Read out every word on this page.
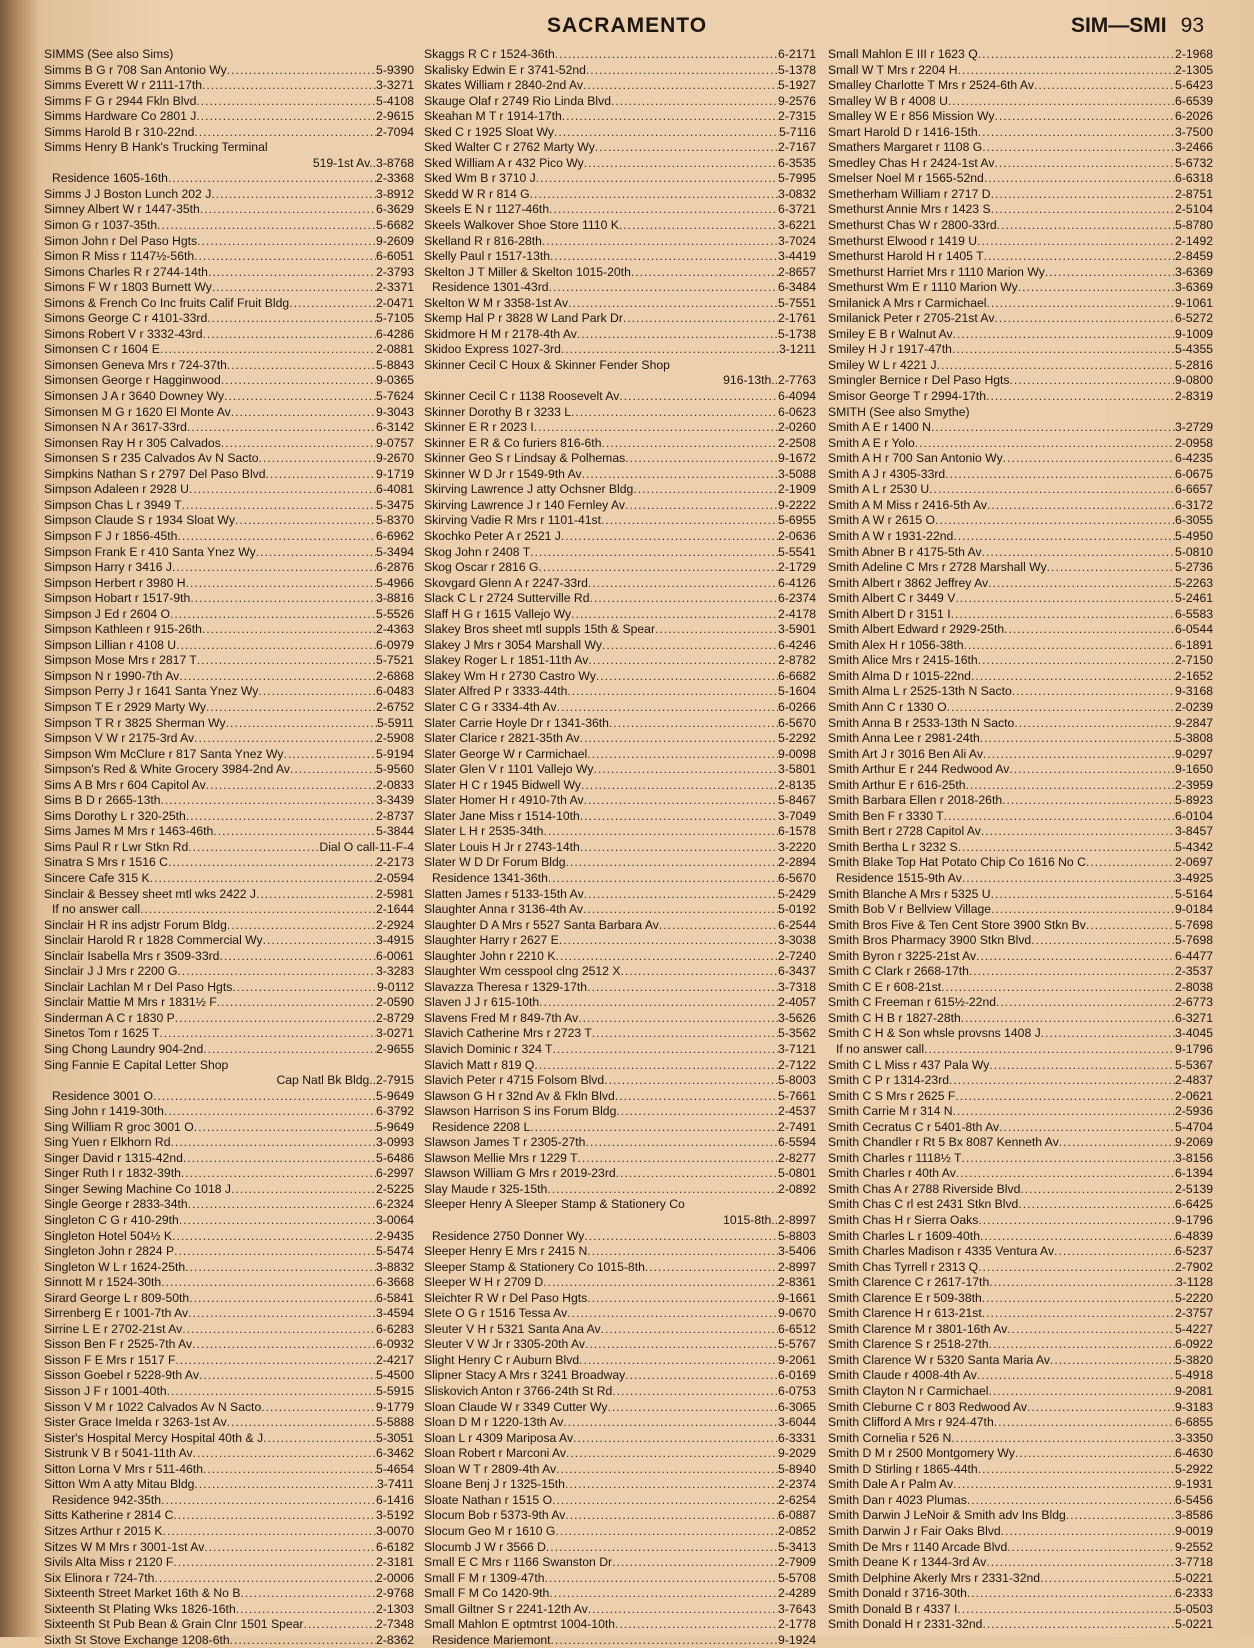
SACRAMENTO	SIM—SMI 93
SIMMS (See also Sims)
Simms B G r 708 San Antonio Wy .....	5-9390
Simms Everett W r 2111-17th .....	3-3271
Simms F G r 2944 Fkln Blvd .....	5-4108
Simms Hardware Co 2801 J .....	2-9615
Simms Harold B r 310-22nd .....	2-7094
Simms Henry B Hank's Trucking Terminal
519-1st Av..3-8768
Residence 1605-16th .....	2-3368
Simms J J Boston Lunch 202 J .....	3-8912
Simney Albert W r 1447-35th .....	6-3629
Simon G r 1037-35th .....	5-6682
Simon John r Del Paso Hgts .....	9-2609
Simon R Miss r 1147½-56th .....	6-6051
Simons Charles R r 2744-14th .....	2-3793
Simons F W r 1803 Burnett Wy .....	2-3371
Simons & French Co Inc fruits Calif Fruit Bldg .....	2-0471
Simons George C r 4101-33rd .....	5-7105
Simons Robert V r 3332-43rd .....	6-4286
Simonsen C r 1604 E .....	2-0881
Simonsen Geneva Mrs r 724-37th .....	5-8843
Simonsen George r Hagginwood .....	9-0365
Simonsen J A r 3640 Downey Wy .....	5-7624
Simonsen M G r 1620 El Monte Av .....	9-3043
Simonsen N A r 3617-33rd .....	6-3142
Simonsen Ray H r 305 Calvados .....	9-0757
Simonsen S r 235 Calvados Av N Sacto .....	9-2670
Simpkins Nathan S r 2797 Del Paso Blvd .....	9-1719
Simpson Adaleen r 2928 U .....	6-4081
Simpson Chas L r 3949 T .....	5-3475
Simpson Claude S r 1934 Sloat Wy .....	5-8370
Simpson F J r 1856-45th .....	6-6962
Simpson Frank E r 410 Santa Ynez Wy .....	5-3494
Simpson Harry r 3416 J .....	6-2876
Simpson Herbert r 3980 H .....	5-4966
Simpson Hobart r 1517-9th .....	3-8816
Simpson J Ed r 2604 O .....	5-5526
Simpson Kathleen r 915-26th .....	2-4363
Simpson Lillian r 4108 U .....	6-0979
Simpson Mose Mrs r 2817 T .....	5-7521
Simpson N r 1990-7th Av .....	2-6868
Simpson Perry J r 1641 Santa Ynez Wy .....	6-0483
Simpson T E r 2929 Marty Wy .....	2-6752
Simpson T R r 3825 Sherman Wy .....	5-5911
Simpson V W r 2175-3rd Av .....	2-5908
Simpson Wm McClure r 817 Santa Ynez Wy .....	5-9194
Simpson's Red & White Grocery 3984-2nd Av .....	5-9560
Sims A B Mrs r 604 Capitol Av .....	2-0833
Sims B D r 2665-13th .....	3-3439
Sims Dorothy L r 320-25th .....	2-8737
Sims James M Mrs r 1463-46th .....	5-3844
Sims Paul R r Lwr Stkn Rd .....	Dial O call-11-F-4
Sinatra S Mrs r 1516 C .....	2-2173
Sincere Cafe 315 K .....	2-0594
Sinclair & Bessey sheet mtl wks 2422 J .....	2-5981
If no answer call .....	2-1644
Sinclair H R ins adjstr Forum Bldg .....	2-2924
Sinclair Harold R r 1828 Commercial Wy .....	3-4915
Sinclair Isabella Mrs r 3509-33rd .....	6-0061
Sinclair J J Mrs r 2200 G .....	3-3283
Sinclair Lachlan M r Del Paso Hgts .....	9-0112
Sinclair Mattie M Mrs r 1831½ F .....	2-0590
Sinderman A C r 1830 P .....	2-8729
Sinetos Tom r 1625 T .....	3-0271
Sing Chong Laundry 904-2nd .....	2-9655
Sing Fannie E Capital Letter Shop
Cap Natl Bk Bldg..2-7915
Residence 3001 O .....	5-9649
Sing John r 1419-30th .....	6-3792
Sing William R groc 3001 O .....	5-9649
Sing Yuen r Elkhorn Rd .....	3-0993
Singer David r 1315-42nd .....	5-6486
Singer Ruth I r 1832-39th .....	6-2997
Singer Sewing Machine Co 1018 J .....	2-5225
Single George r 2833-34th .....	6-2324
Singleton C G r 410-29th .....	3-0064
Singleton Hotel 504½ K .....	2-9435
Singleton John r 2824 P .....	5-5474
Singleton W L r 1624-25th .....	3-8832
Sinnott M r 1524-30th .....	6-3668
Sirard George L r 809-50th .....	6-5841
Sirrenberg E r 1001-7th Av .....	3-4594
Sirrine L E r 2702-21st Av .....	6-6283
Sisson Ben F r 2525-7th Av .....	6-0932
Sisson F E Mrs r 1517 F .....	2-4217
Sisson Goebel r 5228-9th Av .....	5-4500
Sisson J F r 1001-40th .....	5-5915
Sisson V M r 1022 Calvados Av N Sacto .....	9-1779
Sister Grace Imelda r 3263-1st Av .....	5-5888
Sister's Hospital Mercy Hospital 40th & J .....	5-3051
Sistrunk V B r 5041-11th Av .....	6-3462
Sitton Lorna V Mrs r 511-46th .....	5-4654
Sitton Wm A atty Mitau Bldg .....	3-7411
Residence 942-35th .....	6-1416
Sitts Katherine r 2814 C .....	3-5192
Sitzes Arthur r 2015 K .....	3-0070
Sitzes W M Mrs r 3001-1st Av .....	6-6182
Sivils Alta Miss r 2120 F .....	2-3181
Six Elinora r 724-7th .....	2-0006
Sixteenth Street Market 16th & No B .....	2-9768
Sixteenth St Plating Wks 1826-16th .....	2-1303
Sixteenth St Pub Bean & Grain Clnr 1501 Spear .....	2-7348
Sixth St Stove Exchange 1208-6th .....	2-8362
Skaggs R C r 1524-36th .....	6-2171
Skalisky Edwin E r 3741-52nd .....	5-1378
Skates William r 2840-2nd Av .....	5-1927
Skauge Olaf r 2749 Rio Linda Blvd .....	9-2576
Skeahan M T r 1914-17th .....	2-7315
Sked C r 1925 Sloat Wy .....	5-7116
Sked Walter C r 2762 Marty Wy .....	2-7167
Sked William A r 432 Pico Wy .....	6-3535
Sked Wm B r 3710 J .....	5-7995
Skedd W R r 814 G .....	3-0832
Skeels E N r 1127-46th .....	6-3721
Skeels Walkover Shoe Store 1110 K .....	3-6221
Skelland R r 816-28th .....	3-7024
Skelly Paul r 1517-13th .....	3-4419
Skelton J T Miller & Skelton 1015-20th .....	2-8657
Residence 1301-43rd .....	6-3484
Skelton W M r 3358-1st Av .....	5-7551
Skemp Hal P r 3828 W Land Park Dr .....	2-1761
Skidmore H M r 2178-4th Av .....	5-1738
Skidoo Express 1027-3rd .....	3-1211
Skinner Cecil C Houx & Skinner Fender Shop
916-13th..2-7763
Skinner Cecil C r 1138 Roosevelt Av .....	6-4094
Skinner Dorothy B r 3233 L .....	6-0623
Skinner E R r 2023 I .....	2-0260
Skinner E R & Co furiers 816-6th .....	2-2508
Skinner Geo S r Lindsay & Polhemas .....	9-1672
Skinner W D Jr r 1549-9th Av .....	3-5088
Skirving Lawrence J atty Ochsner Bldg .....	2-1909
Skirving Lawrence J r 140 Fernley Av .....	9-2222
Skirving Vadie R Mrs r 1101-41st .....	5-6955
Skochko Peter A r 2521 J .....	2-0636
Skog John r 2408 T .....	5-5541
Skog Oscar r 2816 G .....	2-1729
Skovgard Glenn A r 2247-33rd .....	6-4126
Slack C L r 2724 Sutterville Rd .....	6-2374
Slaff H G r 1615 Vallejo Wy .....	2-4178
Slakey Bros sheet mtl suppls 15th & Spear .....	3-5901
Slakey J Mrs r 3054 Marshall Wy .....	6-4246
Slakey Roger L r 1851-11th Av .....	2-8782
Slakey Wm H r 2730 Castro Wy .....	6-6682
Slater Alfred P r 3333-44th .....	5-1604
Slater C G r 3334-4th Av .....	6-0266
Slater Carrie Hoyle Dr r 1341-36th .....	6-5670
Slater Clarice r 2821-35th Av .....	5-2292
Slater George W r Carmichael .....	9-0098
Slater Glen V r 1101 Vallejo Wy .....	3-5801
Slater H C r 1945 Bidwell Wy .....	2-8135
Slater Homer H r 4910-7th Av .....	5-8467
Slater Jane Miss r 1514-10th .....	3-7049
Slater L H r 2535-34th .....	6-1578
Slater Louis H Jr r 2743-14th .....	3-2220
Slater W D Dr Forum Bldg .....	2-2894
Residence 1341-36th .....	6-5670
Slatten James r 5133-15th Av .....	5-2429
Slaughter Anna r 3136-4th Av .....	5-0192
Slaughter D A Mrs r 5527 Santa Barbara Av .....	6-2544
Slaughter Harry r 2627 E .....	3-3038
Slaughter John r 2210 K .....	2-7240
Slaughter Wm cesspool clng 2512 X .....	6-3437
Slavazza Theresa r 1329-17th .....	3-7318
Slaven J J r 615-10th .....	2-4057
Slavens Fred M r 849-7th Av .....	3-5626
Slavich Catherine Mrs r 2723 T .....	5-3562
Slavich Dominic r 324 T .....	3-7121
Slavich Matt r 819 Q .....	2-7122
Slavich Peter r 4715 Folsom Blvd .....	5-8003
Slawson G H r 32nd Av & Fkln Blvd .....	5-7661
Slawson Harrison S ins Forum Bldg .....	2-4537
Residence 2208 L .....	2-7491
Slawson James T r 2305-27th .....	6-5594
Slawson Mellie Mrs r 1229 T .....	2-8277
Slawson William G Mrs r 2019-23rd .....	5-0801
Slay Maude r 325-15th .....	2-0892
Sleeper Henry A Sleeper Stamp & Stationery Co
1015-8th..2-8997
Residence 2750 Donner Wy .....	5-8803
Sleeper Henry E Mrs r 2415 N .....	3-5406
Sleeper Stamp & Stationery Co 1015-8th .....	2-8997
Sleeper W H r 2709 D .....	2-8361
Sleichter R W r Del Paso Hgts .....	9-1661
Slete O G r 1516 Tessa Av .....	9-0670
Sleuter V H r 5321 Santa Ana Av .....	6-6512
Sleuter V W Jr r 3305-20th Av .....	5-5767
Slight Henry C r Auburn Blvd .....	9-2061
Slipner Stacy A Mrs r 3241 Broadway .....	6-0169
Sliskovich Anton r 3766-24th St Rd .....	6-0753
Sloan Claude W r 3349 Cutter Wy .....	6-3065
Sloan D M r 1220-13th Av .....	3-6044
Sloan L r 4309 Mariposa Av .....	6-3331
Sloan Robert r Marconi Av .....	9-2029
Sloan W T r 2809-4th Av .....	5-8940
Sloane Benj J r 1325-15th .....	2-2374
Sloate Nathan r 1515 O .....	2-6254
Slocum Bob r 5373-9th Av .....	6-0887
Slocum Geo M r 1610 G .....	2-0852
Slocumb J W r 3566 D .....	5-3413
Small E C Mrs r 1166 Swanston Dr .....	2-7909
Small F M r 1309-47th .....	5-5708
Small F M Co 1420-9th .....	2-4289
Small Giltner S r 2241-12th Av .....	3-7643
Small Mahlon E optmtrst 1004-10th .....	2-1778
Residence Mariemont .....	9-1924
Small Mahlon E III r 1623 Q .....	2-1968
Small W T Mrs r 2204 H .....	2-1305
Smalley Charlotte T Mrs r 2524-6th Av .....	5-6423
Smalley W B r 4008 U .....	6-6539
Smalley W E r 856 Mission Wy .....	6-2026
Smart Harold D r 1416-15th .....	3-7500
Smathers Margaret r 1108 G .....	3-2466
Smedley Chas H r 2424-1st Av .....	5-6732
Smelser Noel M r 1565-52nd .....	6-6318
Smetherham William r 2717 D .....	2-8751
Smethurst Annie Mrs r 1423 S .....	2-5104
Smethurst Chas W r 2800-33rd .....	5-8780
Smethurst Elwood r 1419 U .....	2-1492
Smethurst Harold H r 1405 T .....	2-8459
Smethurst Harriet Mrs r 1110 Marion Wy .....	3-6369
Smethurst Wm E r 1110 Marion Wy .....	3-6369
Smilanick A Mrs r Carmichael .....	9-1061
Smilanick Peter r 2705-21st Av .....	6-5272
Smiley E B r Walnut Av .....	9-1009
Smiley H J r 1917-47th .....	5-4355
Smiley W L r 4221 J .....	5-2816
Smingler Bernice r Del Paso Hgts .....	9-0800
Smisor George T r 2994-17th .....	2-8319
SMITH (See also Smythe)
Smith A E r 1400 N .....	3-2729
Smith A E r Yolo .....	2-0958
Smith A H r 700 San Antonio Wy .....	6-4235
Smith A J r 4305-33rd .....	6-0675
Smith A L r 2530 U .....	6-6657
Smith A M Miss r 2416-5th Av .....	6-3172
Smith A W r 2615 O .....	6-3055
Smith A W r 1931-22nd .....	5-4950
Smith Abner B r 4175-5th Av .....	5-0810
Smith Adeline C Mrs r 2728 Marshall Wy .....	5-2736
Smith Albert r 3862 Jeffrey Av .....	5-2263
Smith Albert C r 3449 V .....	5-2461
Smith Albert D r 3151 I .....	6-5583
Smith Albert Edward r 2929-25th .....	6-0544
Smith Alex H r 1056-38th .....	6-1891
Smith Alice Mrs r 2415-16th .....	2-7150
Smith Alma D r 1015-22nd .....	2-1652
Smith Alma L r 2525-13th N Sacto .....	9-3168
Smith Ann C r 1330 O .....	2-0239
Smith Anna B r 2533-13th N Sacto .....	9-2847
Smith Anna Lee r 2981-24th .....	5-3808
Smith Art J r 3016 Ben Ali Av .....	9-0297
Smith Arthur E r 244 Redwood Av .....	9-1650
Smith Arthur E r 616-25th .....	2-3959
Smith Barbara Ellen r 2018-26th .....	5-8923
Smith Ben F r 3330 T .....	6-0104
Smith Bert r 2728 Capitol Av .....	3-8457
Smith Bertha L r 3232 S .....	5-4342
Smith Blake Top Hat Potato Chip Co 1616 No C .....	2-0697
Residence 1515-9th Av .....	3-4925
Smith Blanche A Mrs r 5325 U .....	5-5164
Smith Bob V r Bellview Village .....	9-0184
Smith Bros Five & Ten Cent Store 3900 Stkn Bv .....	5-7698
Smith Bros Pharmacy 3900 Stkn Blvd .....	5-7698
Smith Byron r 3225-21st Av .....	6-4477
Smith C Clark r 2668-17th .....	2-3537
Smith C E r 608-21st .....	2-8038
Smith C Freeman r 615½-22nd .....	2-6773
Smith C H B r 1827-28th .....	6-3271
Smith C H & Son whsle provsns 1408 J .....	3-4045
If no answer call .....	9-1796
Smith C L Miss r 437 Pala Wy .....	5-5367
Smith C P r 1314-23rd .....	2-4837
Smith C S Mrs r 2625 F .....	2-0621
Smith Carrie M r 314 N .....	2-5936
Smith Cecratus C r 5401-8th Av .....	5-4704
Smith Chandler r Rt 5 Bx 8087 Kenneth Av .....	9-2069
Smith Charles r 1118½ T .....	3-8156
Smith Charles r 40th Av .....	6-1394
Smith Chas A r 2788 Riverside Blvd .....	2-5139
Smith Chas C rl est 2431 Stkn Blvd .....	6-6425
Smith Chas H r Sierra Oaks .....	9-1796
Smith Charles L r 1609-40th .....	6-4839
Smith Charles Madison r 4335 Ventura Av .....	6-5237
Smith Chas Tyrrell r 2313 Q .....	2-7902
Smith Clarence C r 2617-17th .....	3-1128
Smith Clarence E r 509-38th .....	5-2220
Smith Clarence H r 613-21st .....	2-3757
Smith Clarence M r 3801-16th Av .....	5-4227
Smith Clarence S r 2518-27th .....	6-0922
Smith Clarence W r 5320 Santa Maria Av .....	5-3820
Smith Claude r 4008-4th Av .....	5-4918
Smith Clayton N r Carmichael .....	9-2081
Smith Cleburne C r 803 Redwood Av .....	9-3183
Smith Clifford A Mrs r 924-47th .....	6-6855
Smith Cornelia r 526 N .....	3-3350
Smith D M r 2500 Montgomery Wy .....	6-4630
Smith D Stirling r 1865-44th .....	5-2922
Smith Dale A r Palm Av .....	9-1931
Smith Dan r 4023 Plumas .....	6-5456
Smith Darwin J LeNoir & Smith adv Ins Bldg .....	3-8586
Smith Darwin J r Fair Oaks Blvd .....	9-0019
Smith De Mrs r 1140 Arcade Blvd .....	9-2552
Smith Deane K r 1344-3rd Av .....	3-7718
Smith Delphine Akerly Mrs r 2331-32nd .....	5-0221
Smith Donald r 3716-30th .....	6-2333
Smith Donald B r 4337 I .....	5-0503
Smith Donald H r 2331-32nd .....	5-0221
